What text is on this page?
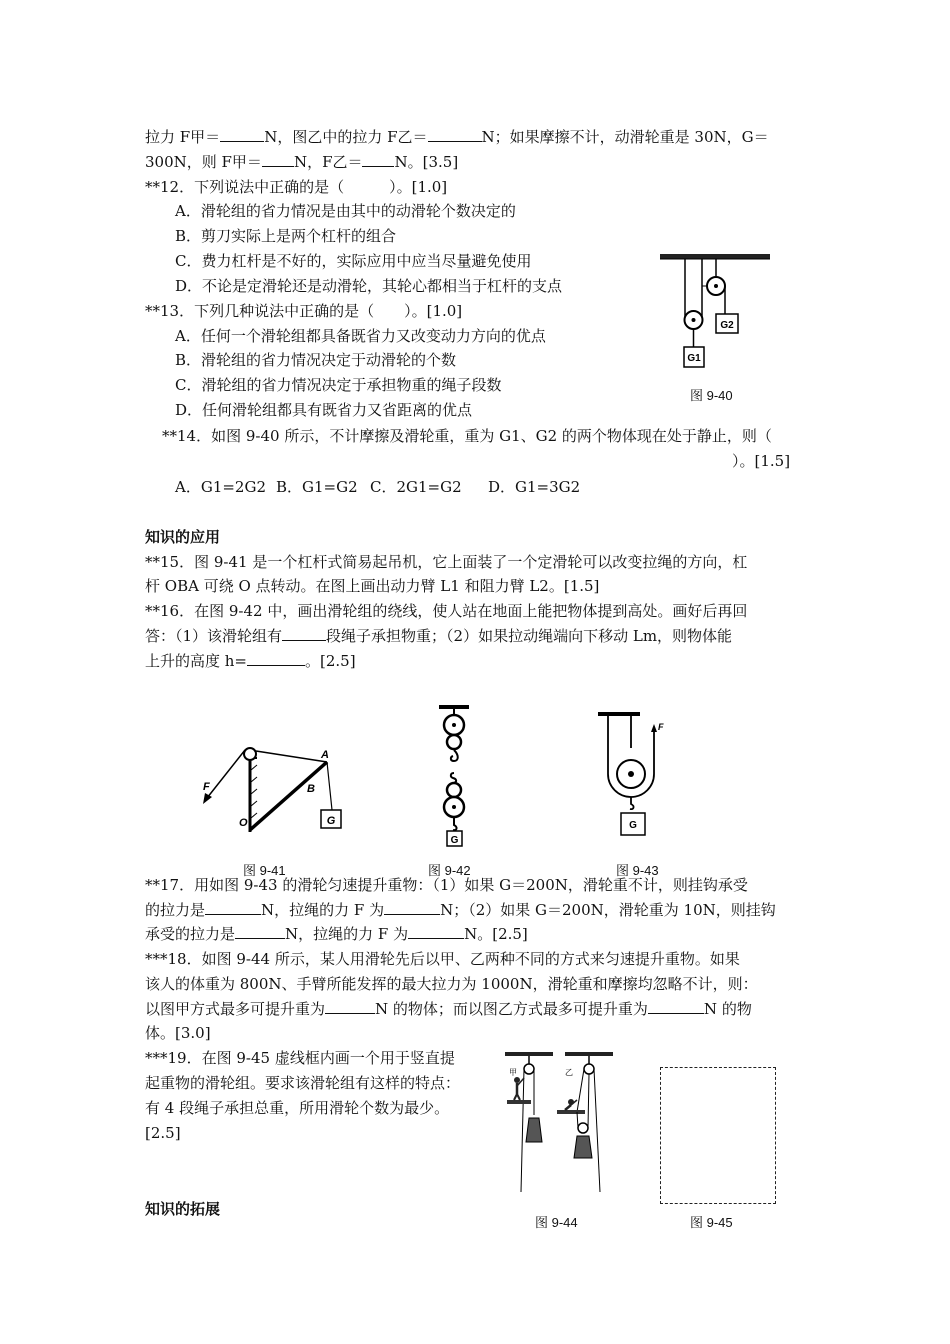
拉力 F甲＝	N，图乙中的拉力 F乙＝	N；如果摩擦不计，动滑轮重是 30N，G＝
300N，则 F甲＝ N，F乙＝ N。[3.5]
**12．下列说法中正确的是（　　　）。[1.0]
A．滑轮组的省力情况是由其中的动滑轮个数决定的
B．剪刀实际上是两个杠杆的组合
C．费力杠杆是不好的，实际应用中应当尽量避免使用
D．不论是定滑轮还是动滑轮，其轮心都相当于杠杆的支点
**13．下列几种说法中正确的是（　　）。[1.0]
A．任何一个滑轮组都具备既省力又改变动力方向的优点
B．滑轮组的省力情况决定于动滑轮的个数
C．滑轮组的省力情况决定于承担物重的绳子段数
D．任何滑轮组都具有既省力又省距离的优点
**14．如图 9-40 所示，不计摩擦及滑轮重，重为 G1、G2 的两个物体现在处于静止，则（
）。[1.5]
A．G1=2G2 B．G1=G2 C．2G1=G2 D．G1=3G2
G1
G2
图 9-40
知识的应用
**15．图 9-41 是一个杠杆式简易起吊机，它上面装了一个定滑轮可以改变拉绳的方向，杠
杆 OBA 可绕 O 点转动。在图上画出动力臂 L1 和阻力臂 L2。[1.5]
**16．在图 9-42 中，画出滑轮组的绕线，使人站在地面上能把物体提到高处。画好后再回
答：（1）该滑轮组有	段绳子承担物重；（2）如果拉动绳端向下移动 Lm，则物体能
上升的高度 h=	。[2.5]
G
F
A
B
O
图 9-41
G
图 9-42
F
G
图 9-43
**17．用如图 9-43 的滑轮匀速提升重物：（1）如果 G＝200N，滑轮重不计，则挂钩承受
的拉力是	N，拉绳的力 F 为	N；（2）如果 G＝200N，滑轮重为 10N，则挂钩
承受的拉力是	N，拉绳的力 F 为	N。[2.5]
***18．如图 9-44 所示，某人用滑轮先后以甲、乙两种不同的方式来匀速提升重物。如果
该人的体重为 800N、手臂所能发挥的最大拉力为 1000N，滑轮重和摩擦均忽略不计，则：
以图甲方式最多可提升重为	N 的物体；而以图乙方式最多可提升重为	N 的物
体。[3.0]
***19．在图 9-45 虚线框内画一个用于竖直提
起重物的滑轮组。要求该滑轮组有这样的特点：
有 4 段绳子承担总重，所用滑轮个数为最少。
[2.5]
甲	乙
图 9-44	图 9-45
知识的拓展
